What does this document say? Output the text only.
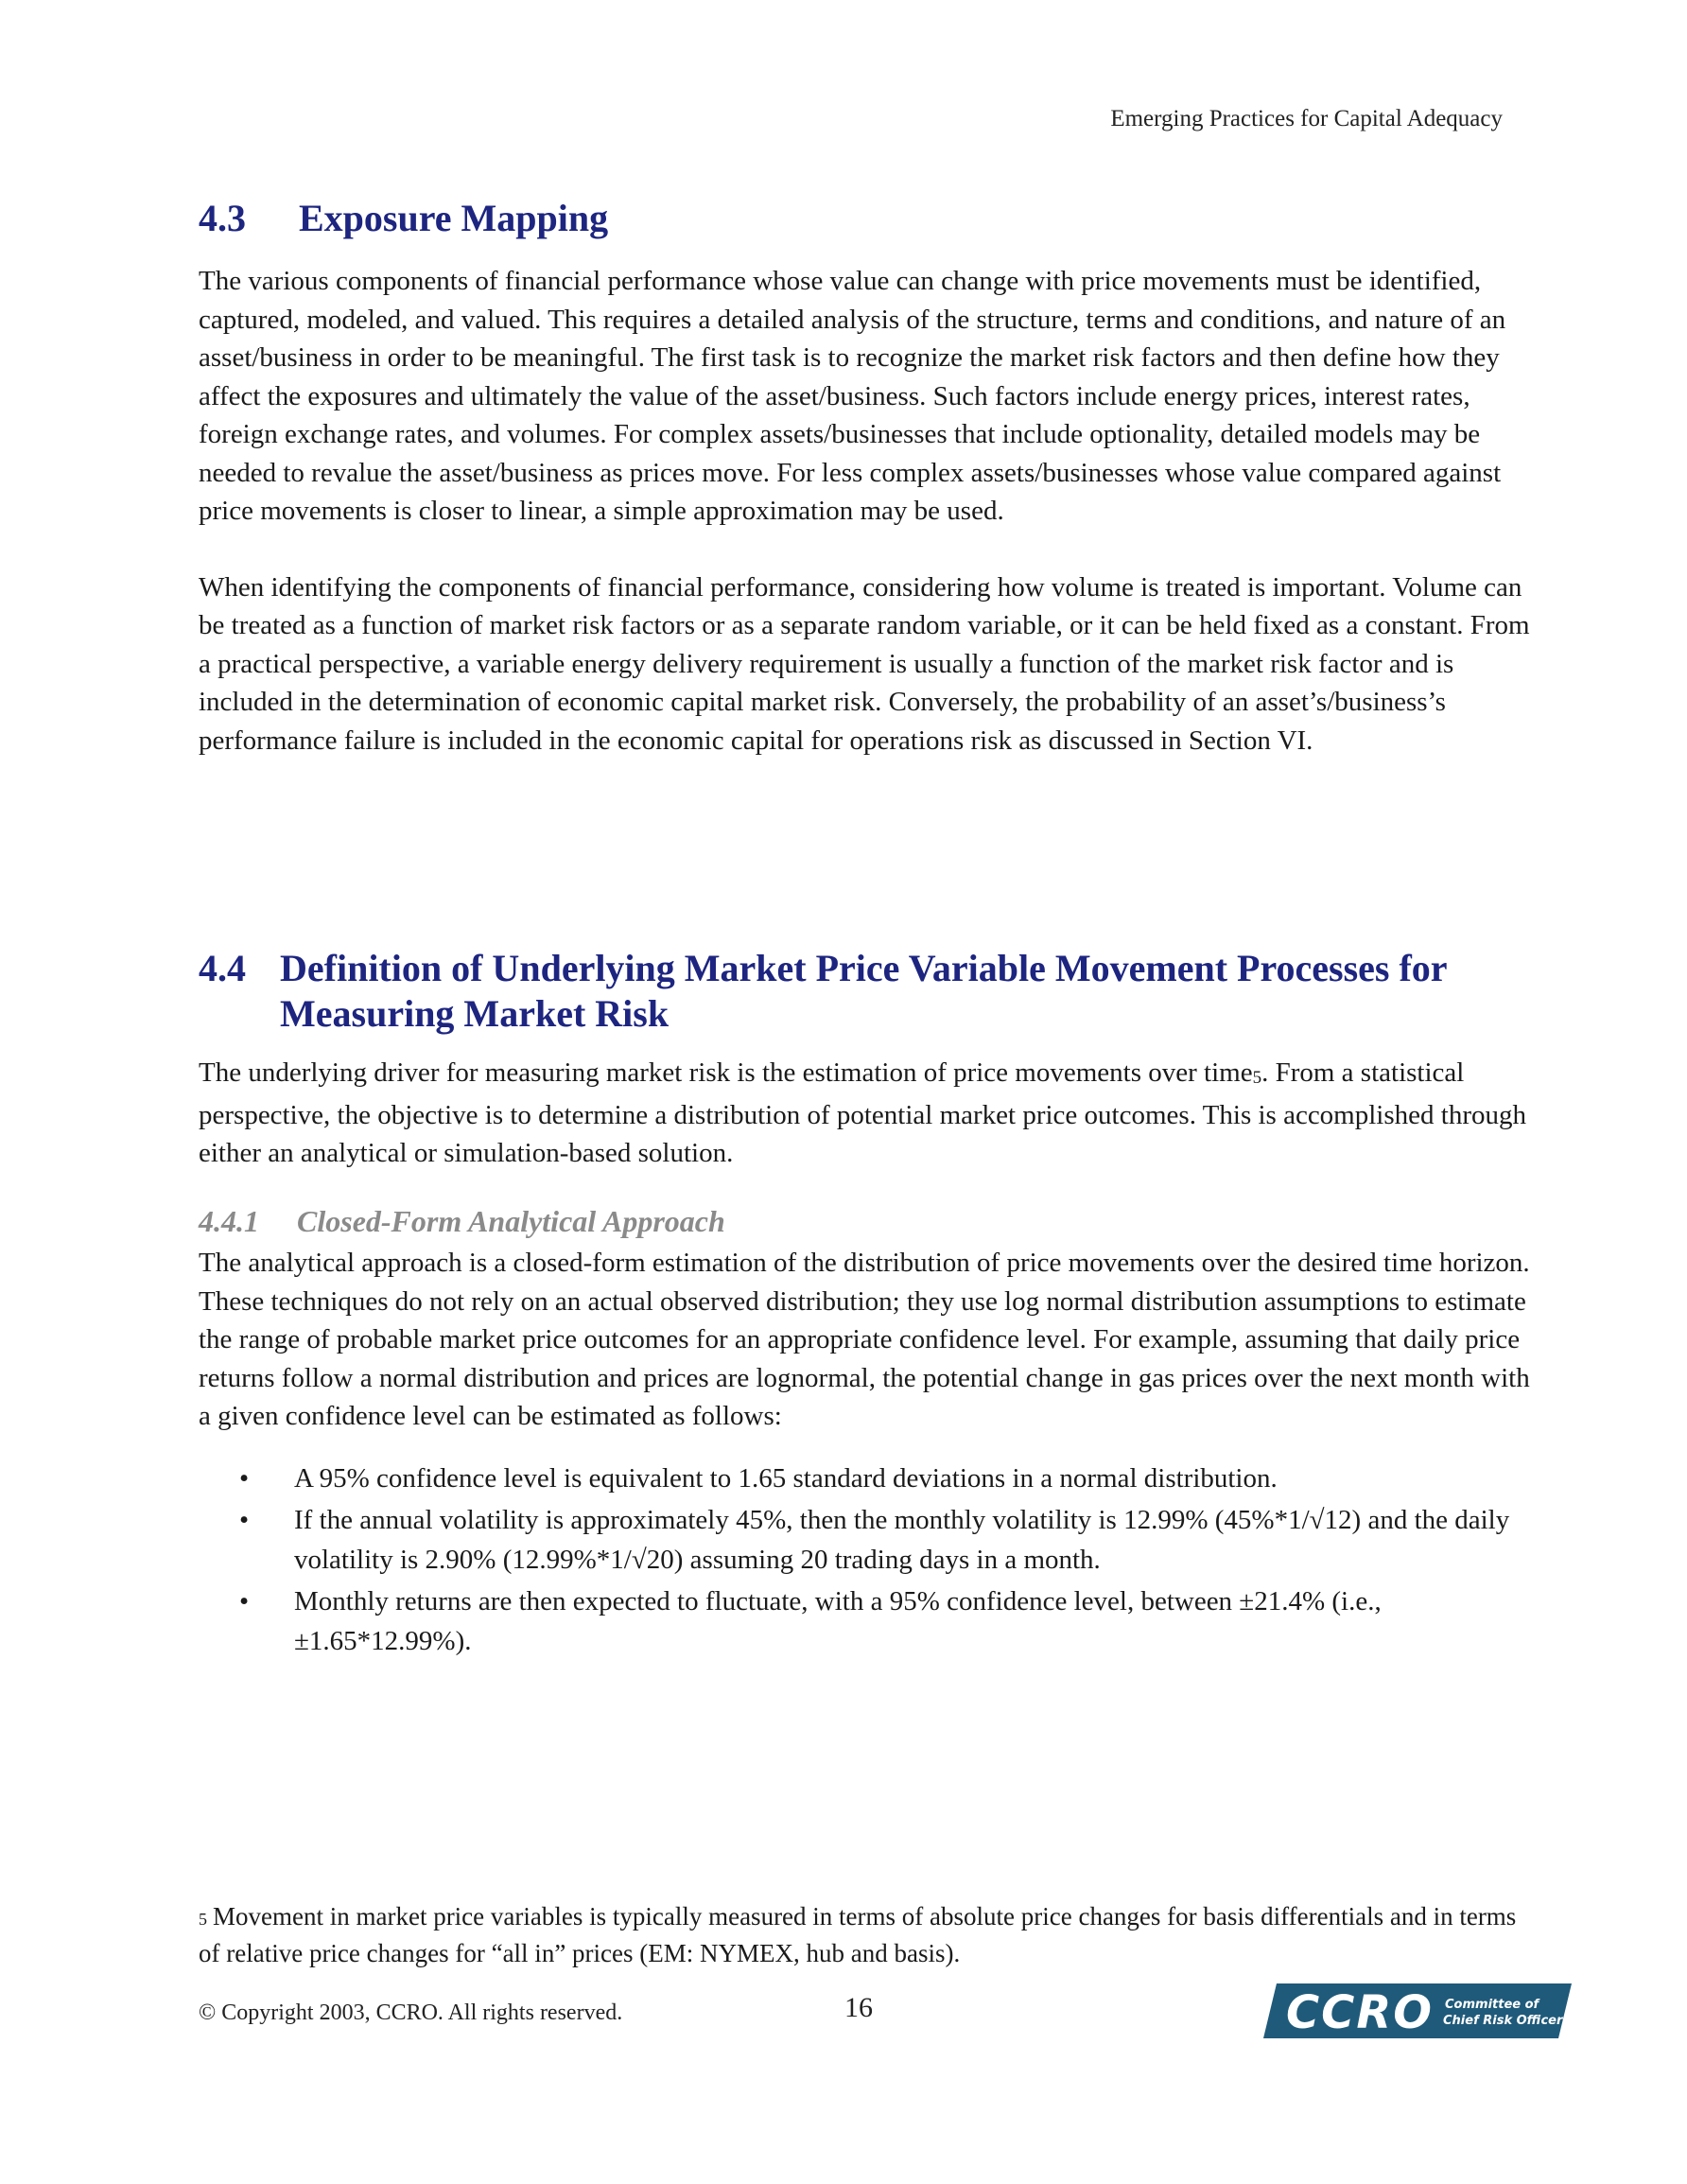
Emerging Practices for Capital Adequacy
4.3	Exposure Mapping

The various components of financial performance whose value can change with price movements must be identified, captured, modeled, and valued. This requires a detailed analysis of the structure, terms and conditions, and nature of an asset/business in order to be meaningful. The first task is to recognize the market risk factors and then define how they affect the exposures and ultimately the value of the asset/business. Such factors include energy prices, interest rates, foreign exchange rates, and volumes. For complex assets/businesses that include optionality, detailed models may be needed to revalue the asset/business as prices move. For less complex assets/businesses whose value compared against price movements is closer to linear, a simple approximation may be used.

When identifying the components of financial performance, considering how volume is treated is important. Volume can be treated as a function of market risk factors or as a separate random variable, or it can be held fixed as a constant. From a practical perspective, a variable energy delivery requirement is usually a function of the market risk factor and is included in the determination of economic capital market risk. Conversely, the probability of an asset’s/business’s performance failure is included in the economic capital for operations risk as discussed in Section VI.

4.4 Definition of Underlying Market Price Variable Movement Processes for Measuring Market Risk

The underlying driver for measuring market risk is the estimation of price movements over time$^5$. From a statistical perspective, the objective is to determine a distribution of potential market price outcomes. This is accomplished through either an analytical or simulation-based solution.

4.4.1	Closed-Form Analytical Approach

The analytical approach is a closed-form estimation of the distribution of price movements over the desired time horizon. These techniques do not rely on an actual observed distribution; they use log normal distribution assumptions to estimate the range of probable market price outcomes for an appropriate confidence level. For example, assuming that daily price returns follow a normal distribution and prices are lognormal, the potential change in gas prices over the next month with a given confidence level can be estimated as follows:

• A 95% confidence level is equivalent to 1.65 standard deviations in a normal distribution.
• If the annual volatility is approximately 45%, then the monthly volatility is 12.99% (45%*1/√12) and the daily volatility is 2.90% (12.99%*1/√20) assuming 20 trading days in a month.
• Monthly returns are then expected to fluctuate, with a 95% confidence level, between ±21.4% (i.e., ±1.65*12.99%).
5 Movement in market price variables is typically measured in terms of absolute price changes for basis differentials and in terms of relative price changes for “all in” prices (EM: NYMEX, hub and basis).
© Copyright 2003, CCRO. All rights reserved.	16	CCRO Committee of
Chief Risk Officers
